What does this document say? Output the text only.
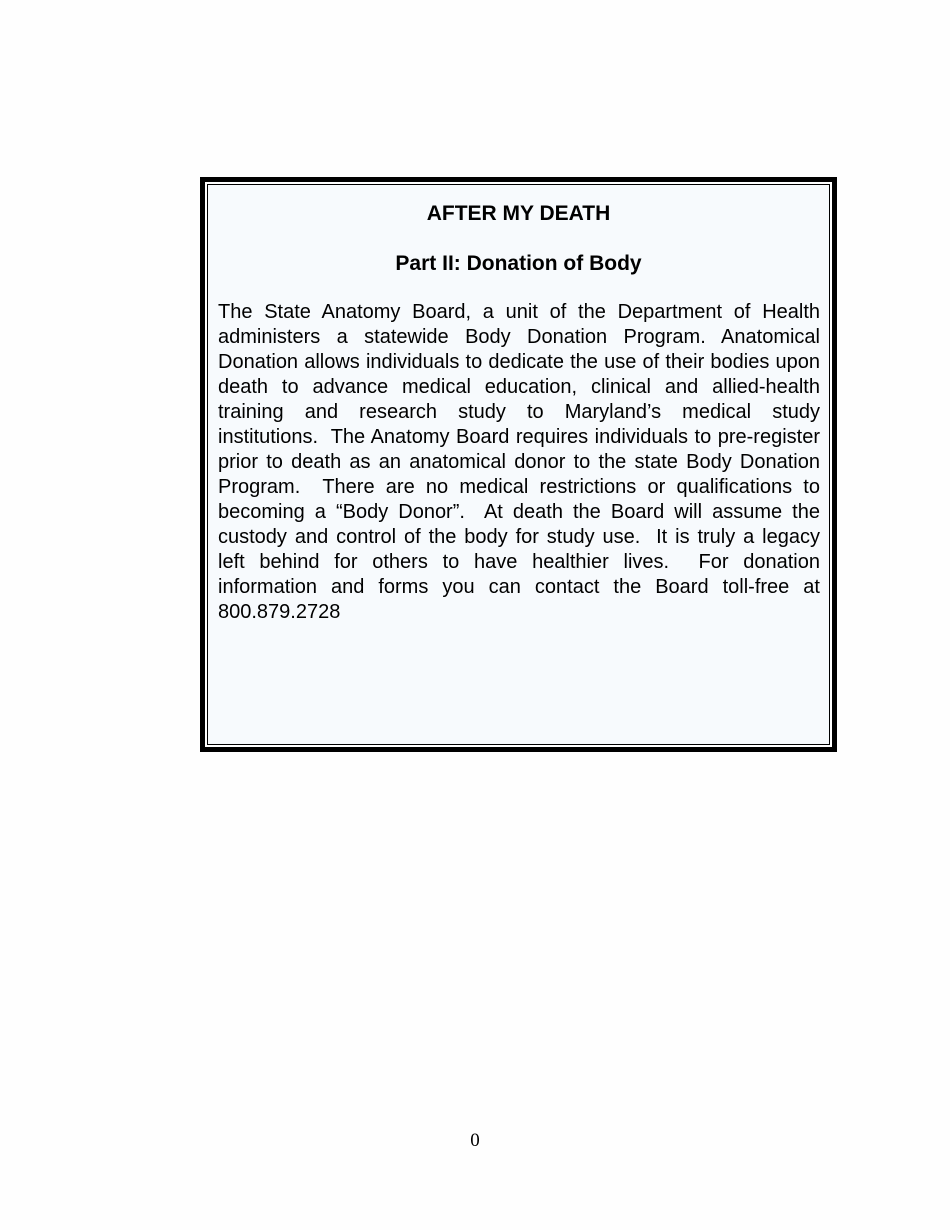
AFTER MY DEATH
Part II: Donation of Body
The State Anatomy Board, a unit of the Department of Health
administers a statewide Body Donation Program. Anatomical
Donation allows individuals to dedicate the use of their bodies upon
death to advance medical education, clinical and allied-health
training and research study to Maryland’s medical study
institutions.  The Anatomy Board requires individuals to pre-register
prior to death as an anatomical donor to the state Body Donation
Program.  There are no medical restrictions or qualifications to
becoming a “Body Donor”.  At death the Board will assume the
custody and control of the body for study use.  It is truly a legacy
left behind for others to have healthier lives.  For donation
information and forms you can contact the Board toll-free at
800.879.2728
0
